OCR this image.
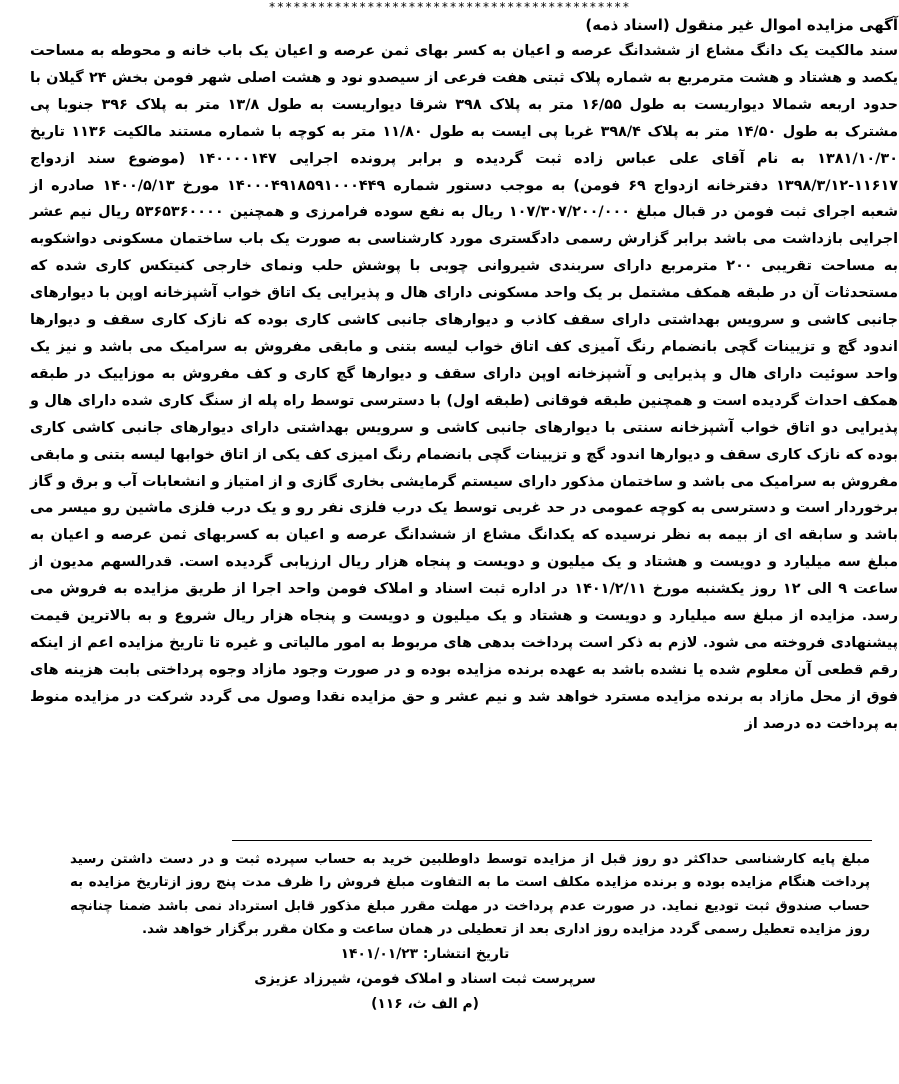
********************************************

آگهی مزایده اموال غیر منقول (اسناد ذمه)

سند مالکیت یک دانگ مشاع از ششدانگ عرصه و اعیان به کسر بهای ثمن عرصه و اعیان یک باب خانه و محوطه به مساحت یکصد و هشتاد و هشت مترمربع به شماره پلاک ثبتی هفت فرعی از سیصدو نود و هشت اصلی شهر فومن بخش ۲۴ گیلان با حدود اربعه شمالا دیواریست به طول ۱۶/۵۵ متر به پلاک ۳۹۸ شرقا دیواریست به طول ۱۳/۸ متر به پلاک ۳۹۶ جنوبا پی مشترک به طول ۱۴/۵۰ متر به پلاک ۳۹۸/۴ غربا پی ایست به طول ۱۱/۸۰ متر به کوچه با شماره مستند مالکیت ۱۱۳۶ تاریخ ۱۳۸۱/۱۰/۳۰ به نام آقای علی عباس زاده ثبت گردیده و برابر پرونده اجرایی ۱۴۰۰۰۰۱۴۷ (موضوع سند ازدواج ۱۱۶۱۷-۱۳۹۸/۳/۱۲ دفترخانه ازدواج ۶۹ فومن) به موجب دستور شماره ۱۴۰۰۰۴۹۱۸۵۹۱۰۰۰۴۴۹ مورخ ۱۴۰۰/۵/۱۳ صادره از شعبه اجرای ثبت فومن در قبال مبلغ ۱۰۷/۳۰۷/۲۰۰/۰۰۰ ریال به نفع سوده فرامرزی و همچنین ۵۳۶۵۳۶۰۰۰۰ ریال نیم عشر اجرایی بازداشت می باشد برابر گزارش رسمی دادگستری مورد کارشناسی به صورت یک باب ساختمان مسکونی دواشکوبه به مساحت تقریبی ۲۰۰ مترمربع دارای سربندی شیروانی چوبی با پوشش حلب ونمای خارجی کنیتکس کاری شده که مستحدثات آن در طبقه همکف مشتمل بر یک واحد مسکونی دارای هال و پذیرایی یک اتاق خواب آشپزخانه اوپن با دیوارهای جانبی کاشی و سرویس بهداشتی دارای سقف کاذب و دیوارهای جانبی کاشی کاری بوده که نازک کاری سقف و دیوارها اندود گچ و تزیینات گچی بانضمام رنگ آمیزی کف اتاق خواب لیسه بتنی و مابقی مفروش به سرامیک می باشد و نیز یک واحد سوئیت دارای هال و پذیرایی و آشپزخانه اوپن دارای سقف و دیوارها گچ کاری و کف مفروش به موزاییک در طبقه همکف احداث گردیده است و همچنین طبقه فوقانی (طبقه اول) با دسترسی توسط راه پله از سنگ کاری شده دارای هال و پذیرایی دو اتاق خواب آشپزخانه سنتی با دیوارهای جانبی کاشی و سرویس بهداشتی دارای دیوارهای جانبی کاشی کاری بوده که نازک کاری سقف و دیوارها اندود گچ و تزیینات گچی بانضمام رنگ امیزی کف یکی از اتاق خوابها لیسه بتنی و مابقی مفروش به سرامیک می باشد و ساختمان مذکور دارای سیستم گرمایشی بخاری گازی و از امتیاز و انشعابات آب و برق و گاز برخوردار است و دسترسی به کوچه عمومی در حد غربی توسط یک درب فلزی نفر رو و یک درب فلزی ماشین رو میسر می باشد و سابقه ای از بیمه به نظر نرسیده که یکدانگ مشاع از ششدانگ عرصه و اعیان به کسربهای ثمن عرصه و اعیان به مبلغ سه میلیارد و دویست و هشتاد و یک میلیون و دویست و پنجاه هزار ریال ارزیابی گردیده است. قدرالسهم مدیون از ساعت ۹ الی ۱۲ روز یکشنبه مورخ ۱۴۰۱/۲/۱۱ در اداره ثبت اسناد و املاک فومن واحد اجرا از طریق مزایده به فروش می رسد. مزایده از مبلغ سه میلیارد و دویست و هشتاد و یک میلیون و دویست و پنجاه هزار ریال شروع و به بالاترین قیمت پیشنهادی فروخته می شود. لازم به ذکر است پرداخت بدهی های مربوط به امور مالیاتی و غیره تا تاریخ مزایده اعم از اینکه رقم قطعی آن معلوم شده یا نشده باشد به عهده برنده مزایده بوده و در صورت وجود مازاد وجوه پرداختی بابت هزینه های فوق از محل مازاد به برنده مزایده مسترد خواهد شد و نیم عشر و حق مزایده نقدا وصول می گردد شرکت در مزایده منوط به پرداخت ده درصد از

مبلغ پایه کارشناسی حداکثر دو روز قبل از مزایده توسط داوطلبین خرید به حساب سپرده ثبت و در دست داشتن رسید پرداخت هنگام مزایده بوده و برنده مزایده مکلف است ما به التفاوت مبلغ فروش را ظرف مدت پنج روز ازتاریخ مزایده به حساب صندوق ثبت تودیع نماید. در صورت عدم پرداخت در مهلت مقرر مبلغ مذکور قابل استرداد نمی باشد ضمنا چنانچه روز مزایده تعطیل رسمی گردد مزایده روز اداری بعد از تعطیلی در همان ساعت و مکان مقرر برگزار خواهد شد.

تاریخ انتشار: ۱۴۰۱/۰۱/۲۳

سرپرست ثبت اسناد و املاک فومن، شیرزاد عزیزی

(م الف ث، ۱۱۶)
